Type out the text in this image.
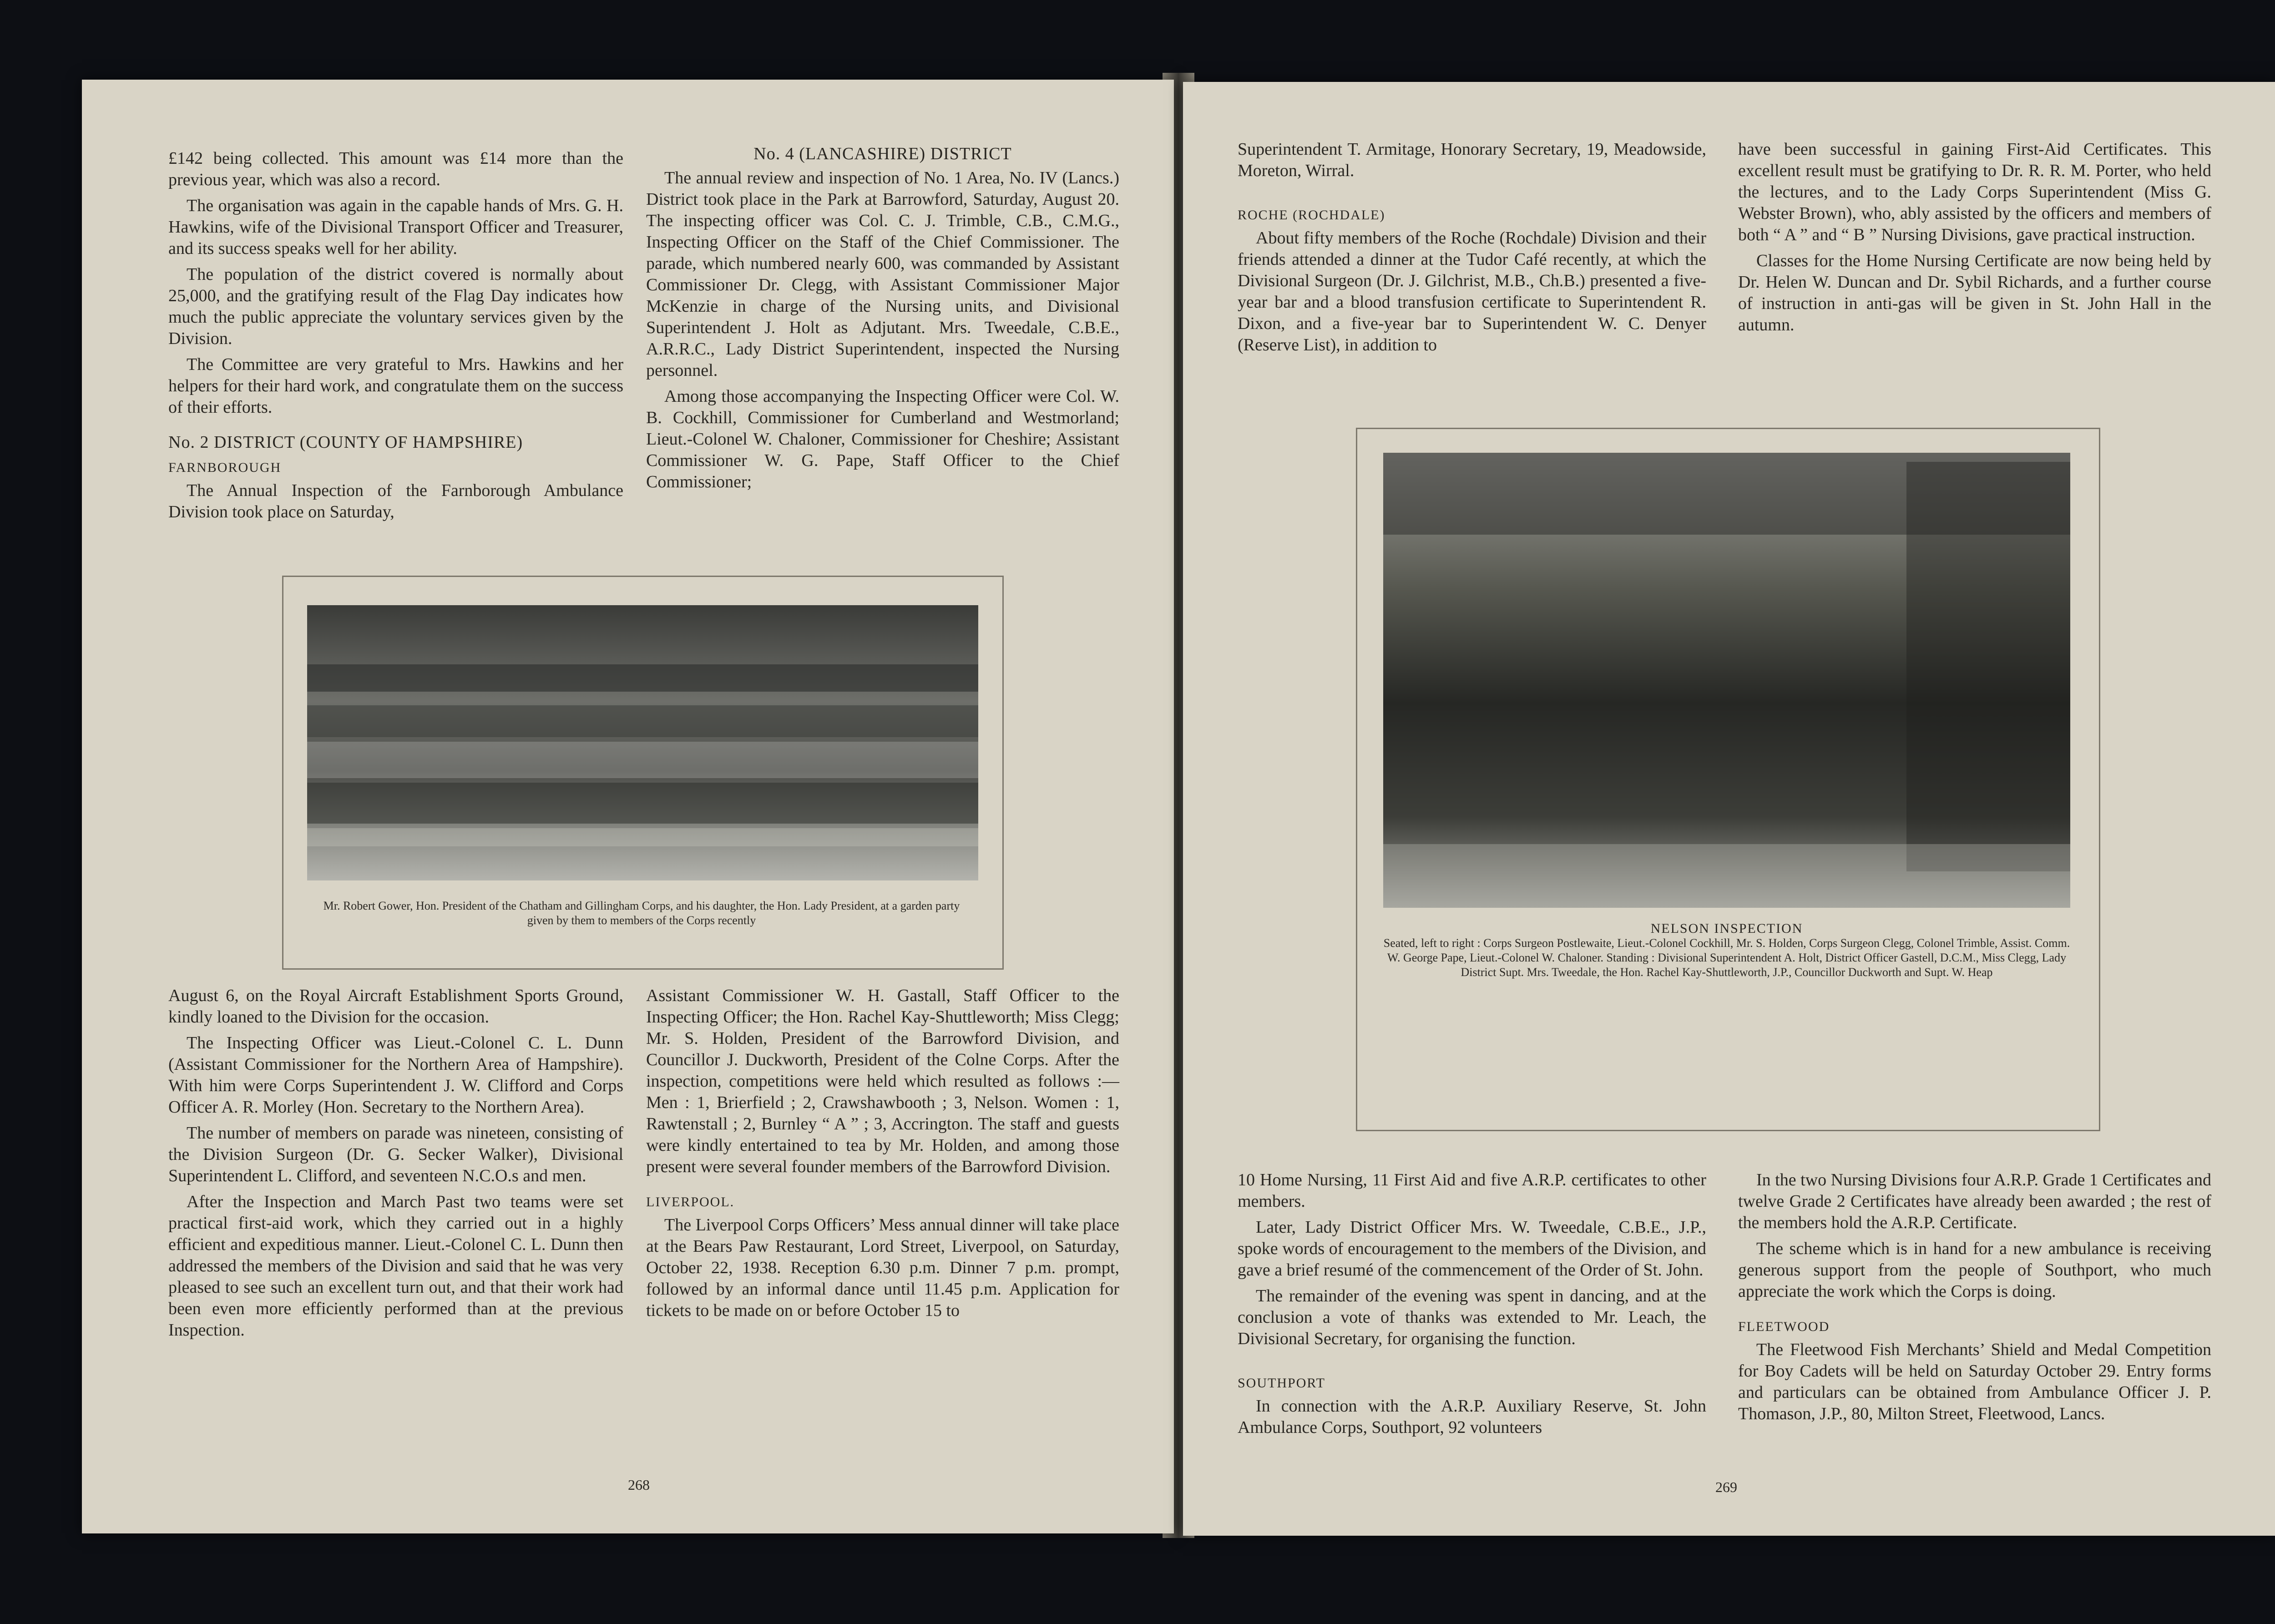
£142 being collected. This amount was £14 more than the previous year, which was also a record.

The organisation was again in the capable hands of Mrs. G. H. Hawkins, wife of the Divisional Transport Officer and Treasurer, and its success speaks well for her ability.

The population of the district covered is normally about 25,000, and the gratifying result of the Flag Day indicates how much the public appreciate the voluntary services given by the Division.

The Committee are very grateful to Mrs. Hawkins and her helpers for their hard work, and congratulate them on the success of their efforts.

No. 2 DISTRICT (COUNTY OF HAMPSHIRE)
FARNBOROUGH

The Annual Inspection of the Farnborough Ambulance Division took place on Saturday,

No. 4 (LANCASHIRE) DISTRICT

The annual review and inspection of No. 1 Area, No. IV (Lancs.) District took place in the Park at Barrowford, Saturday, August 20. The inspecting officer was Col. C. J. Trimble, C.B., C.M.G., Inspecting Officer on the Staff of the Chief Commissioner. The parade, which numbered nearly 600, was commanded by Assistant Commissioner Dr. Clegg, with Assistant Commissioner Major McKenzie in charge of the Nursing units, and Divisional Superintendent J. Holt as Adjutant. Mrs. Tweedale, C.B.E., A.R.R.C., Lady District Superintendent, inspected the Nursing personnel.

Among those accompanying the Inspecting Officer were Col. W. B. Cockhill, Commissioner for Cumberland and Westmorland; Lieut.-Colonel W. Chaloner, Commissioner for Cheshire; Assistant Commissioner W. G. Pape, Staff Officer to the Chief Commissioner;

Mr. Robert Gower, Hon. President of the Chatham and Gillingham Corps, and his daughter, the Hon. Lady President, at a garden party given by them to members of the Corps recently

August 6, on the Royal Aircraft Establishment Sports Ground, kindly loaned to the Division for the occasion.

The Inspecting Officer was Lieut.-Colonel C. L. Dunn (Assistant Commissioner for the Northern Area of Hampshire). With him were Corps Superintendent J. W. Clifford and Corps Officer A. R. Morley (Hon. Secretary to the Northern Area).

The number of members on parade was nineteen, consisting of the Division Surgeon (Dr. G. Secker Walker), Divisional Superintendent L. Clifford, and seventeen N.C.O.s and men.

After the Inspection and March Past two teams were set practical first-aid work, which they carried out in a highly efficient and expeditious manner. Lieut.-Colonel C. L. Dunn then addressed the members of the Division and said that he was very pleased to see such an excellent turn out, and that their work had been even more efficiently performed than at the previous Inspection.

Assistant Commissioner W. H. Gastall, Staff Officer to the Inspecting Officer; the Hon. Rachel Kay-Shuttleworth; Miss Clegg; Mr. S. Holden, President of the Barrowford Division, and Councillor J. Duckworth, President of the Colne Corps. After the inspection, competitions were held which resulted as follows :—Men : 1, Brierfield ; 2, Crawshawbooth ; 3, Nelson. Women : 1, Rawtenstall ; 2, Burnley “ A ” ; 3, Accrington. The staff and guests were kindly entertained to tea by Mr. Holden, and among those present were several founder members of the Barrowford Division.

LIVERPOOL.

The Liverpool Corps Officers’ Mess annual dinner will take place at the Bears Paw Restaurant, Lord Street, Liverpool, on Saturday, October 22, 1938. Reception 6.30 p.m. Dinner 7 p.m. prompt, followed by an informal dance until 11.45 p.m. Application for tickets to be made on or before October 15 to

268

Superintendent T. Armitage, Honorary Secretary, 19, Meadowside, Moreton, Wirral.

ROCHE (ROCHDALE)

About fifty members of the Roche (Rochdale) Division and their friends attended a dinner at the Tudor Café recently, at which the Divisional Surgeon (Dr. J. Gilchrist, M.B., Ch.B.) presented a five-year bar and a blood transfusion certificate to Superintendent R. Dixon, and a five-year bar to Superintendent W. C. Denyer (Reserve List), in addition to

have been successful in gaining First-Aid Certificates. This excellent result must be gratifying to Dr. R. R. M. Porter, who held the lectures, and to the Lady Corps Superintendent (Miss G. Webster Brown), who, ably assisted by the officers and members of both “ A ” and “ B ” Nursing Divisions, gave practical instruction.

Classes for the Home Nursing Certificate are now being held by Dr. Helen W. Duncan and Dr. Sybil Richards, and a further course of instruction in anti-gas will be given in St. John Hall in the autumn.

NELSON INSPECTION
Seated, left to right : Corps Surgeon Postlewaite, Lieut.-Colonel Cockhill, Mr. S. Holden, Corps Surgeon Clegg, Colonel Trimble, Assist. Comm. W. George Pape, Lieut.-Colonel W. Chaloner. Standing : Divisional Superintendent A. Holt, District Officer Gastell, D.C.M., Miss Clegg, Lady District Supt. Mrs. Tweedale, the Hon. Rachel Kay-Shuttleworth, J.P., Councillor Duckworth and Supt. W. Heap

10 Home Nursing, 11 First Aid and five A.R.P. certificates to other members.

Later, Lady District Officer Mrs. W. Tweedale, C.B.E., J.P., spoke words of encouragement to the members of the Division, and gave a brief resumé of the commencement of the Order of St. John.

The remainder of the evening was spent in dancing, and at the conclusion a vote of thanks was extended to Mr. Leach, the Divisional Secretary, for organising the function.

SOUTHPORT

In connection with the A.R.P. Auxiliary Reserve, St. John Ambulance Corps, Southport, 92 volunteers

In the two Nursing Divisions four A.R.P. Grade 1 Certificates and twelve Grade 2 Certificates have already been awarded ; the rest of the members hold the A.R.P. Certificate.

The scheme which is in hand for a new ambulance is receiving generous support from the people of Southport, who much appreciate the work which the Corps is doing.

FLEETWOOD

The Fleetwood Fish Merchants’ Shield and Medal Competition for Boy Cadets will be held on Saturday October 29. Entry forms and particulars can be obtained from Ambulance Officer J. P. Thomason, J.P., 80, Milton Street, Fleetwood, Lancs.

269
